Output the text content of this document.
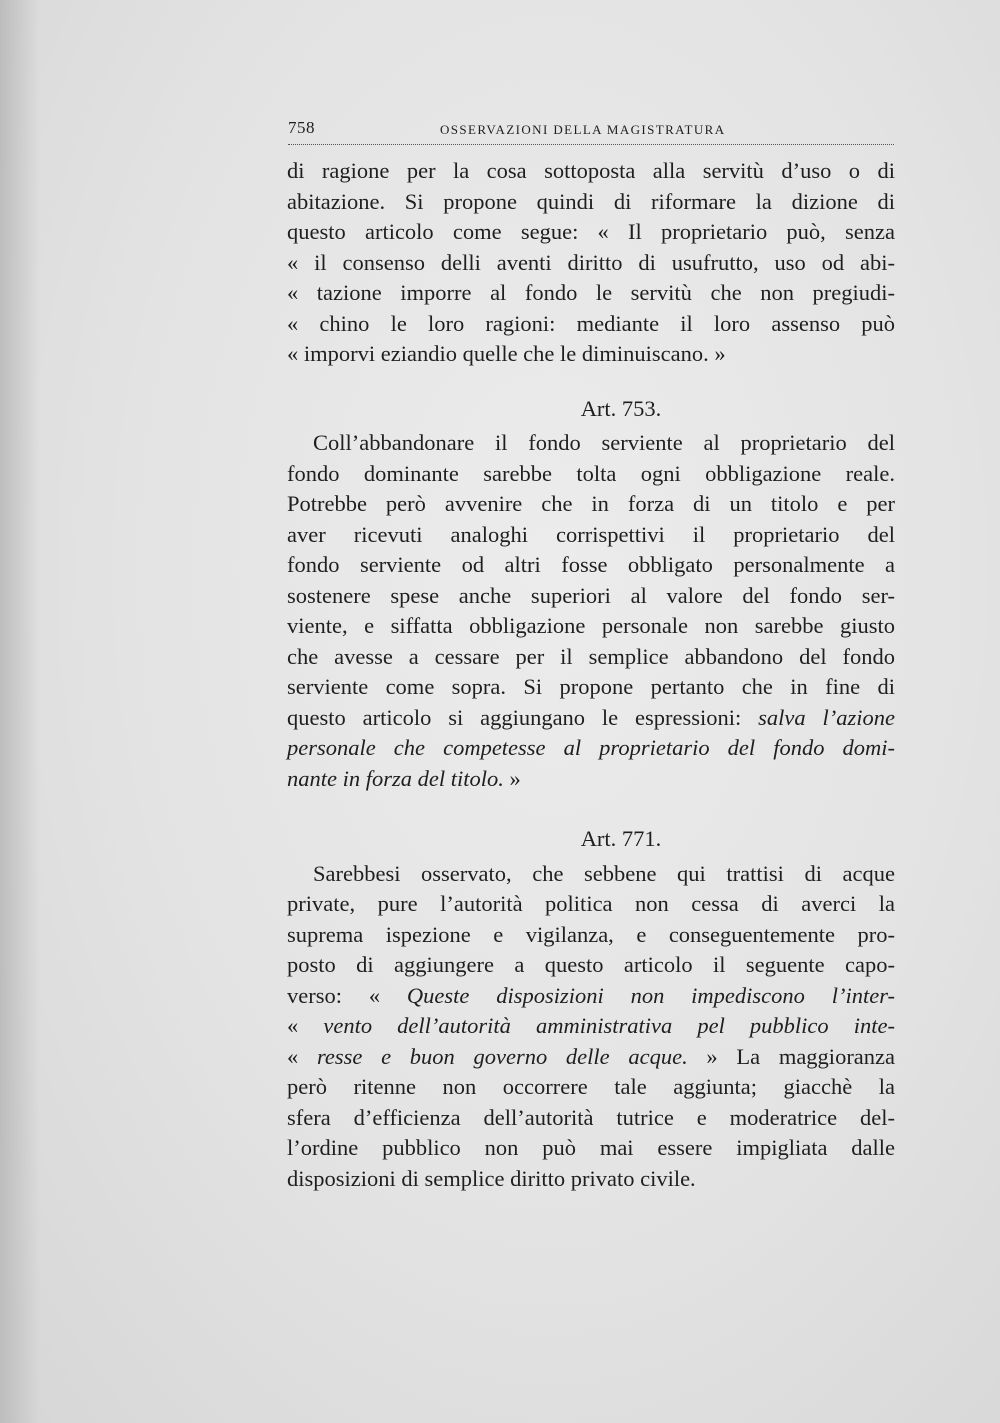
758	OSSERVAZIONI DELLA MAGISTRATURA

di ragione per la cosa sottoposta alla servitù d’uso o di
abitazione. Si propone quindi di riformare la dizione di
questo articolo come segue: « Il proprietario può, senza
« il consenso delli aventi diritto di usufrutto, uso od abi-
« tazione imporre al fondo le servitù che non pregiudi-
« chino le loro ragioni: mediante il loro assenso può
« imporvi eziandio quelle che le diminuiscano. »

Art. 753.

Coll’abbandonare il fondo serviente al proprietario del
fondo dominante sarebbe tolta ogni obbligazione reale.
Potrebbe però avvenire che in forza di un titolo e per
aver ricevuti analoghi corrispettivi il proprietario del
fondo serviente od altri fosse obbligato personalmente a
sostenere spese anche superiori al valore del fondo ser-
viente, e siffatta obbligazione personale non sarebbe giusto
che avesse a cessare per il semplice abbandono del fondo
serviente come sopra. Si propone pertanto che in fine di
questo articolo si aggiungano le espressioni: salva l’azione
personale che competesse al proprietario del fondo domi-
nante in forza del titolo. »

Art. 771.

Sarebbesi osservato, che sebbene qui trattisi di acque
private, pure l’autorità politica non cessa di averci la
suprema ispezione e vigilanza, e conseguentemente pro-
posto di aggiungere a questo articolo il seguente capo-
verso: « Queste disposizioni non impediscono l’inter-
« vento dell’autorità amministrativa pel pubblico inte-
« resse e buon governo delle acque. » La maggioranza
però ritenne non occorrere tale aggiunta; giacchè la
sfera d’efficienza dell’autorità tutrice e moderatrice del-
l’ordine pubblico non può mai essere impigliata dalle
disposizioni di semplice diritto privato civile.
